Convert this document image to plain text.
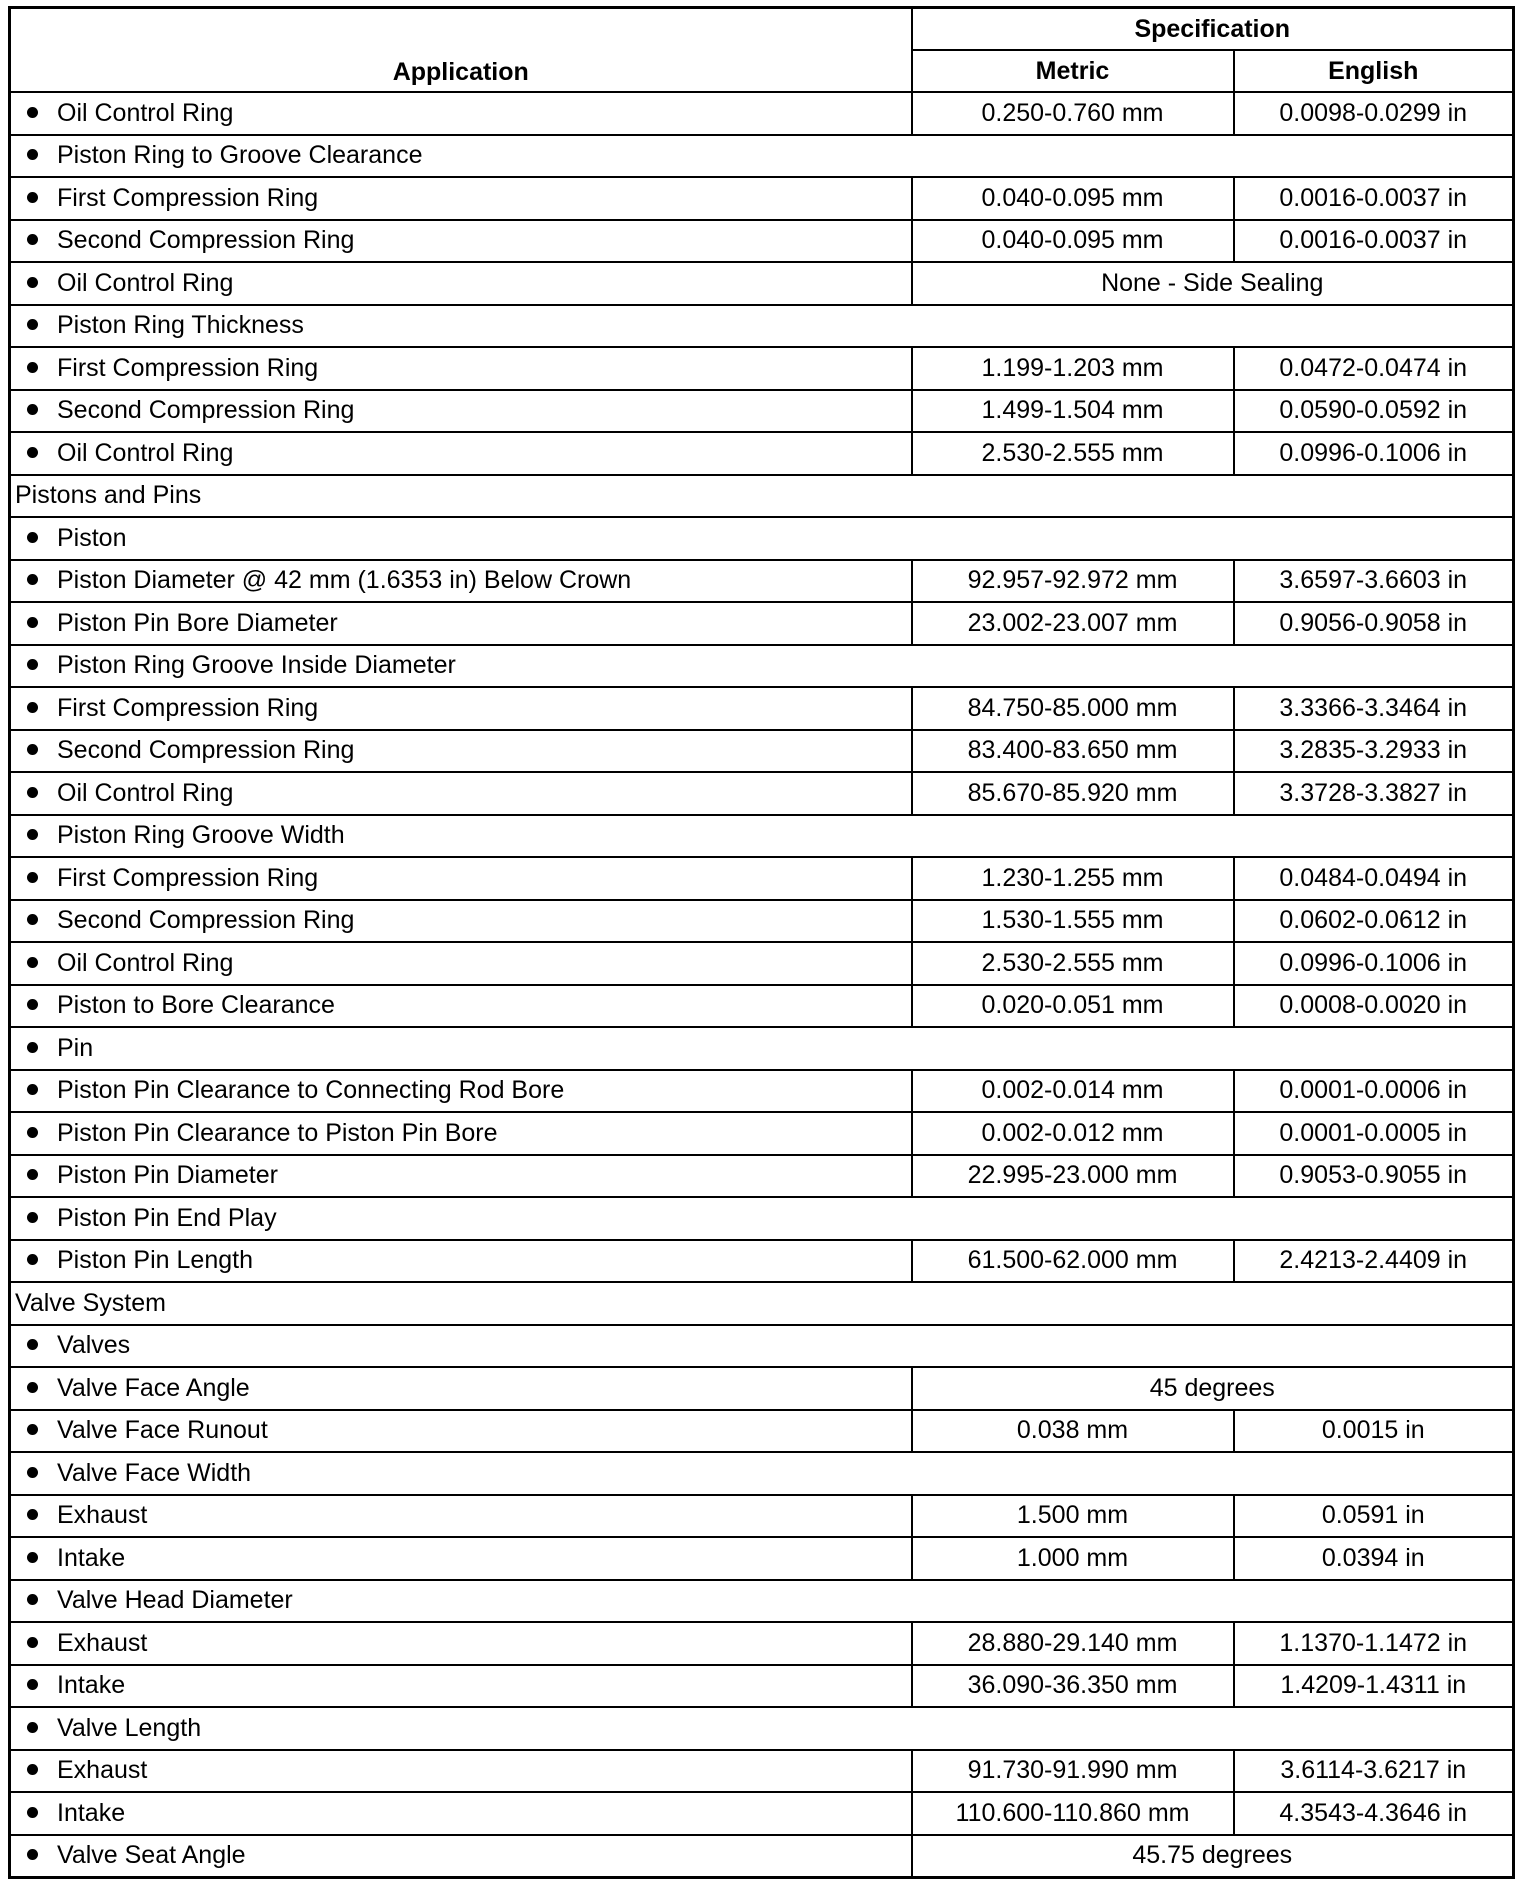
Application	Specification	
	Metric	English
Oil Control Ring	0.250-0.760 mm	0.0098-0.0299 in
Piston Ring to Groove Clearance		
First Compression Ring	0.040-0.095 mm	0.0016-0.0037 in
Second Compression Ring	0.040-0.095 mm	0.0016-0.0037 in
Oil Control Ring	None - Side Sealing	
Piston Ring Thickness		
First Compression Ring	1.199-1.203 mm	0.0472-0.0474 in
Second Compression Ring	1.499-1.504 mm	0.0590-0.0592 in
Oil Control Ring	2.530-2.555 mm	0.0996-0.1006 in
Pistons and Pins		
Piston		
Piston Diameter @ 42 mm (1.6353 in) Below Crown	92.957-92.972 mm	3.6597-3.6603 in
Piston Pin Bore Diameter	23.002-23.007 mm	0.9056-0.9058 in
Piston Ring Groove Inside Diameter		
First Compression Ring	84.750-85.000 mm	3.3366-3.3464 in
Second Compression Ring	83.400-83.650 mm	3.2835-3.2933 in
Oil Control Ring	85.670-85.920 mm	3.3728-3.3827 in
Piston Ring Groove Width		
First Compression Ring	1.230-1.255 mm	0.0484-0.0494 in
Second Compression Ring	1.530-1.555 mm	0.0602-0.0612 in
Oil Control Ring	2.530-2.555 mm	0.0996-0.1006 in
Piston to Bore Clearance	0.020-0.051 mm	0.0008-0.0020 in
Pin		
Piston Pin Clearance to Connecting Rod Bore	0.002-0.014 mm	0.0001-0.0006 in
Piston Pin Clearance to Piston Pin Bore	0.002-0.012 mm	0.0001-0.0005 in
Piston Pin Diameter	22.995-23.000 mm	0.9053-0.9055 in
Piston Pin End Play		
Piston Pin Length	61.500-62.000 mm	2.4213-2.4409 in
Valve System		
Valves		
Valve Face Angle	45 degrees	
Valve Face Runout	0.038 mm	0.0015 in
Valve Face Width		
Exhaust	1.500 mm	0.0591 in
Intake	1.000 mm	0.0394 in
Valve Head Diameter		
Exhaust	28.880-29.140 mm	1.1370-1.1472 in
Intake	36.090-36.350 mm	1.4209-1.4311 in
Valve Length		
Exhaust	91.730-91.990 mm	3.6114-3.6217 in
Intake	110.600-110.860 mm	4.3543-4.3646 in
Valve Seat Angle	45.75 degrees	
